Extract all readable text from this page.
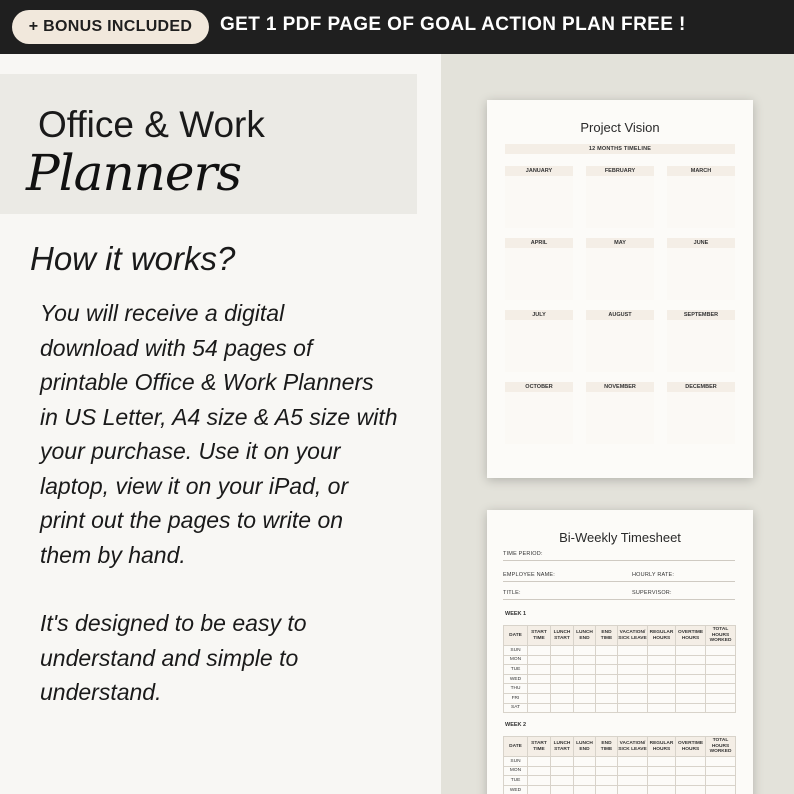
+ BONUS INCLUDED	GET 1 PDF PAGE OF GOAL ACTION PLAN FREE !
Office & Work
Planners
How it works?
You will receive a digital
download with 54 pages of
printable Office & Work Planners
in US Letter, A4 size & A5 size with
your purchase. Use it on your
laptop, view it on your iPad, or
print out the pages to write on
them by hand.
It's designed to be easy to
understand and simple to
understand.
Project Vision
12 MONTHS TIMELINE
JANUARY	FEBRUARY	MARCH
APRIL	MAY	JUNE
JULY	AUGUST	SEPTEMBER
OCTOBER	NOVEMBER	DECEMBER
Bi-Weekly Timesheet
TIME PERIOD:
EMPLOYEE NAME:	HOURLY RATE:
TITLE:	SUPERVISOR:
WEEK 1
DATE	START TIME	LUNCH START	LUNCH END	END TIME	VACATION/ SICK LEAVE	REGULAR HOURS	OVERTIME HOURS	TOTAL HOURS WORKED
SUN								
MON								
TUE								
WED								
THU								
FRI								
SAT								
WEEK 2
DATE	START TIME	LUNCH START	LUNCH END	END TIME	VACATION/ SICK LEAVE	REGULAR HOURS	OVERTIME HOURS	TOTAL HOURS WORKED
SUN								
MON								
TUE								
WED								
